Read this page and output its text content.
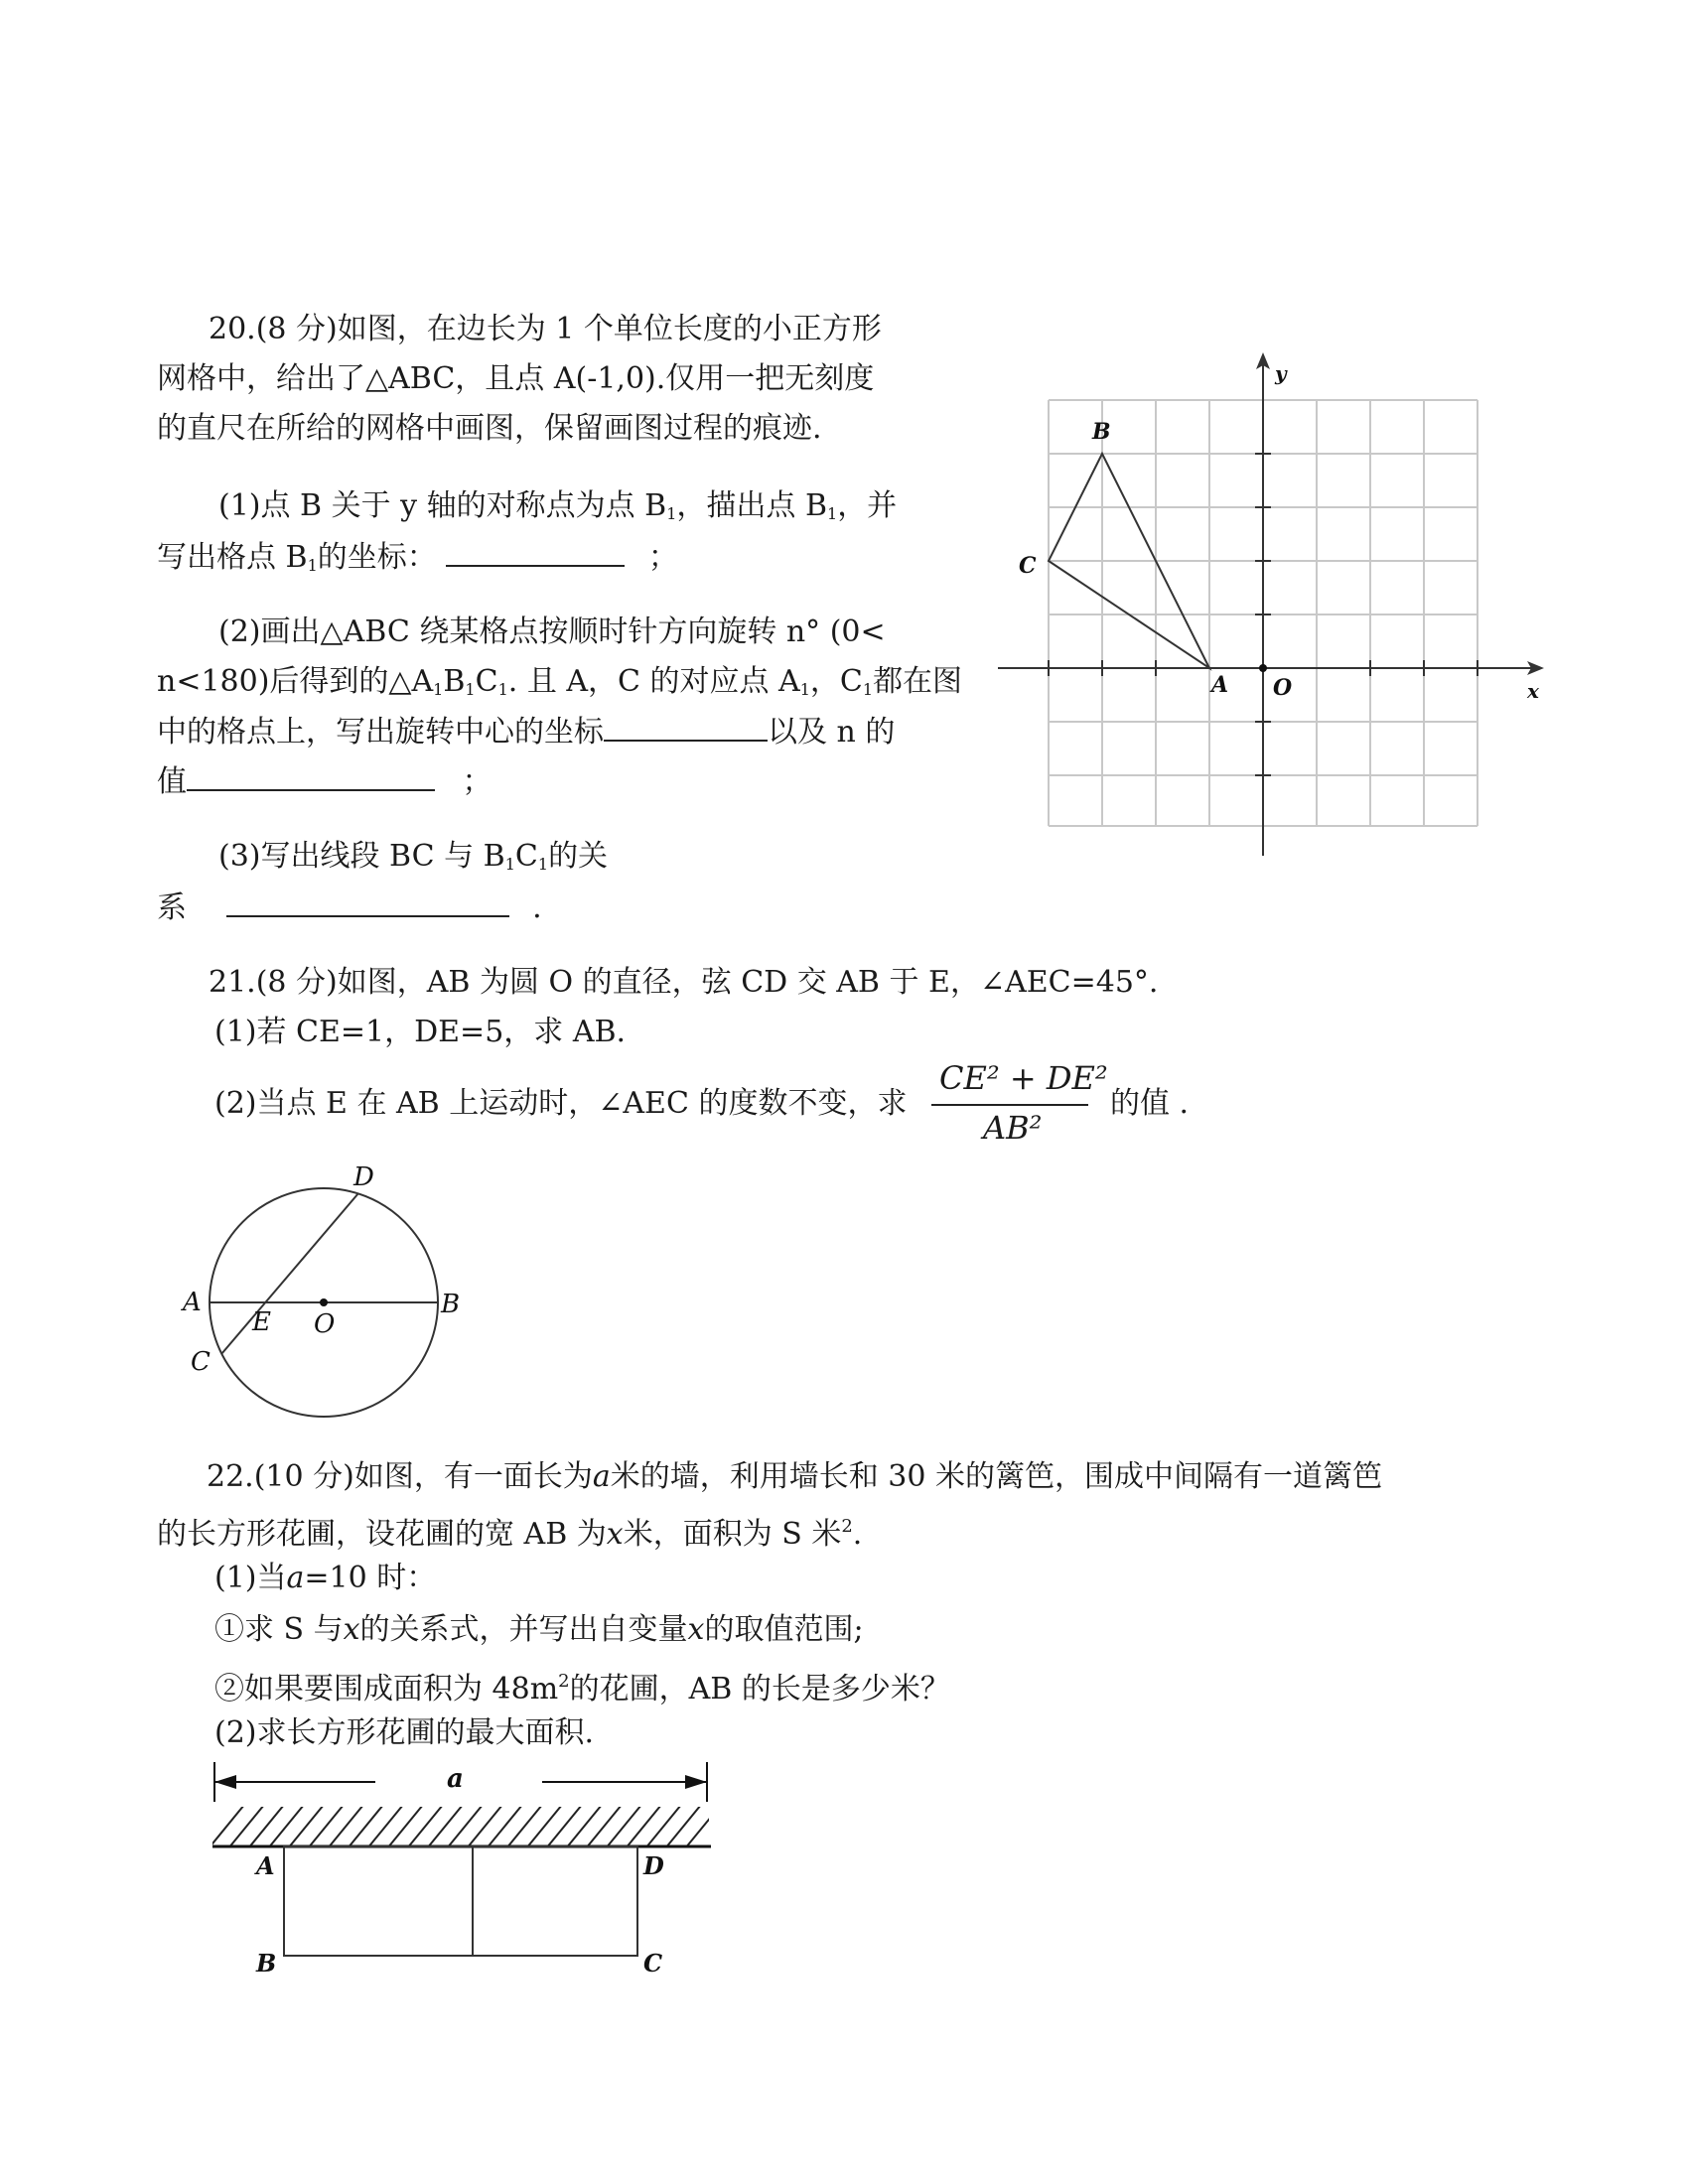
20.(8 分)如图，在边长为 1 个单位长度的小正方形
网格中，给出了△ABC，且点 A(-1,0).仅用一把无刻度
的直尺在所给的网格中画图，保留画图过程的痕迹.
(1)点 B 关于 y 轴的对称点为点 $B_1$，描出点 $B_1$，并
写出格点 $B_1$的坐标：	；
(2)画出△ABC 绕某格点按顺时针方向旋转 n° (0<
n<180)后得到的$\triangle A_1B_1C_1$. 且 A，C 的对应点 $A_1$，$C_1$都在图
中的格点上，写出旋转中心的坐标	以及 n 的
值	；
(3)写出线段 BC 与 $B_1C_1$的关
系	.
y
x
B
C
A O
21.(8 分)如图，AB 为圆 O 的直径，弦 CD 交 AB 于 E，∠AEC=45°.
(1)若 CE=1，DE=5，求 AB.
(2)当点 E 在 AB 上运动时，∠AEC 的度数不变，求
CE² + DE²
AB²
的值 .
D
A
E O
B
C
22.(10 分)如图，有一面长为a米的墙，利用墙长和 30 米的篱笆，围成中间隔有一道篱笆
的长方形花圃，设花圃的宽 AB 为x米，面积为 S 米$^2$.
(1)当a=10 时：
①求 S 与x的关系式，并写出自变量x的取值范围;
②如果要围成面积为 $48m^2$的花圃，AB 的长是多少米？
(2)求长方形花圃的最大面积.
a
A	D
B	C
